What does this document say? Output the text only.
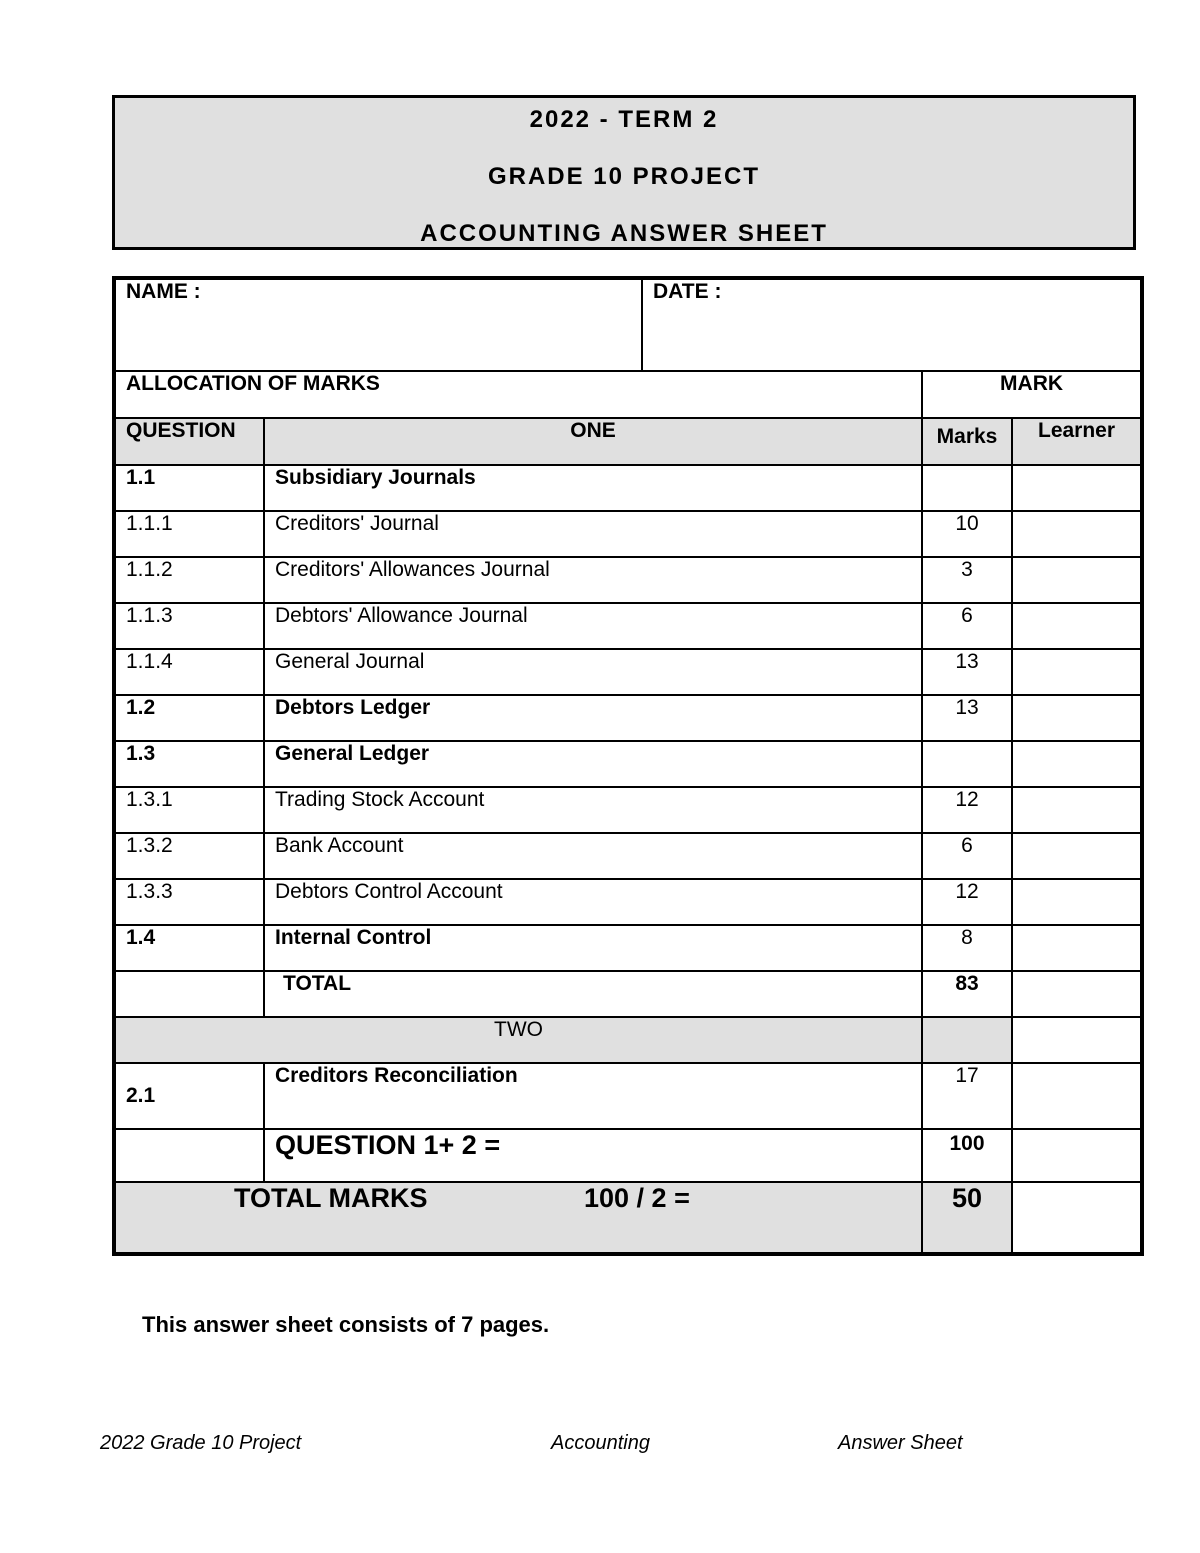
2022 - TERM 2
GRADE 10 PROJECT
ACCOUNTING ANSWER SHEET
NAME :		DATE :		
ALLOCATION OF MARKS			MARK	
QUESTION	ONE		Marks	Learner
1.1	Subsidiary Journals			
1.1.1	Creditors' Journal		10	
1.1.2	Creditors' Allowances Journal		3	
1.1.3	Debtors' Allowance Journal		6	
1.1.4	General Journal		13	
1.2	Debtors Ledger		13	
1.3	General Ledger			
1.3.1	Trading Stock Account		12	
1.3.2	Bank Account		6	
1.3.3	Debtors Control Account		12	
1.4	Internal Control		8	
	TOTAL		83	
TWO				
2.1	Creditors Reconciliation		17	
	QUESTION 1+ 2 =		100	
TOTAL MARKS 100 / 2 =			50	
This answer sheet consists of 7 pages.
2022 Grade 10 Project	Accounting	Answer Sheet
